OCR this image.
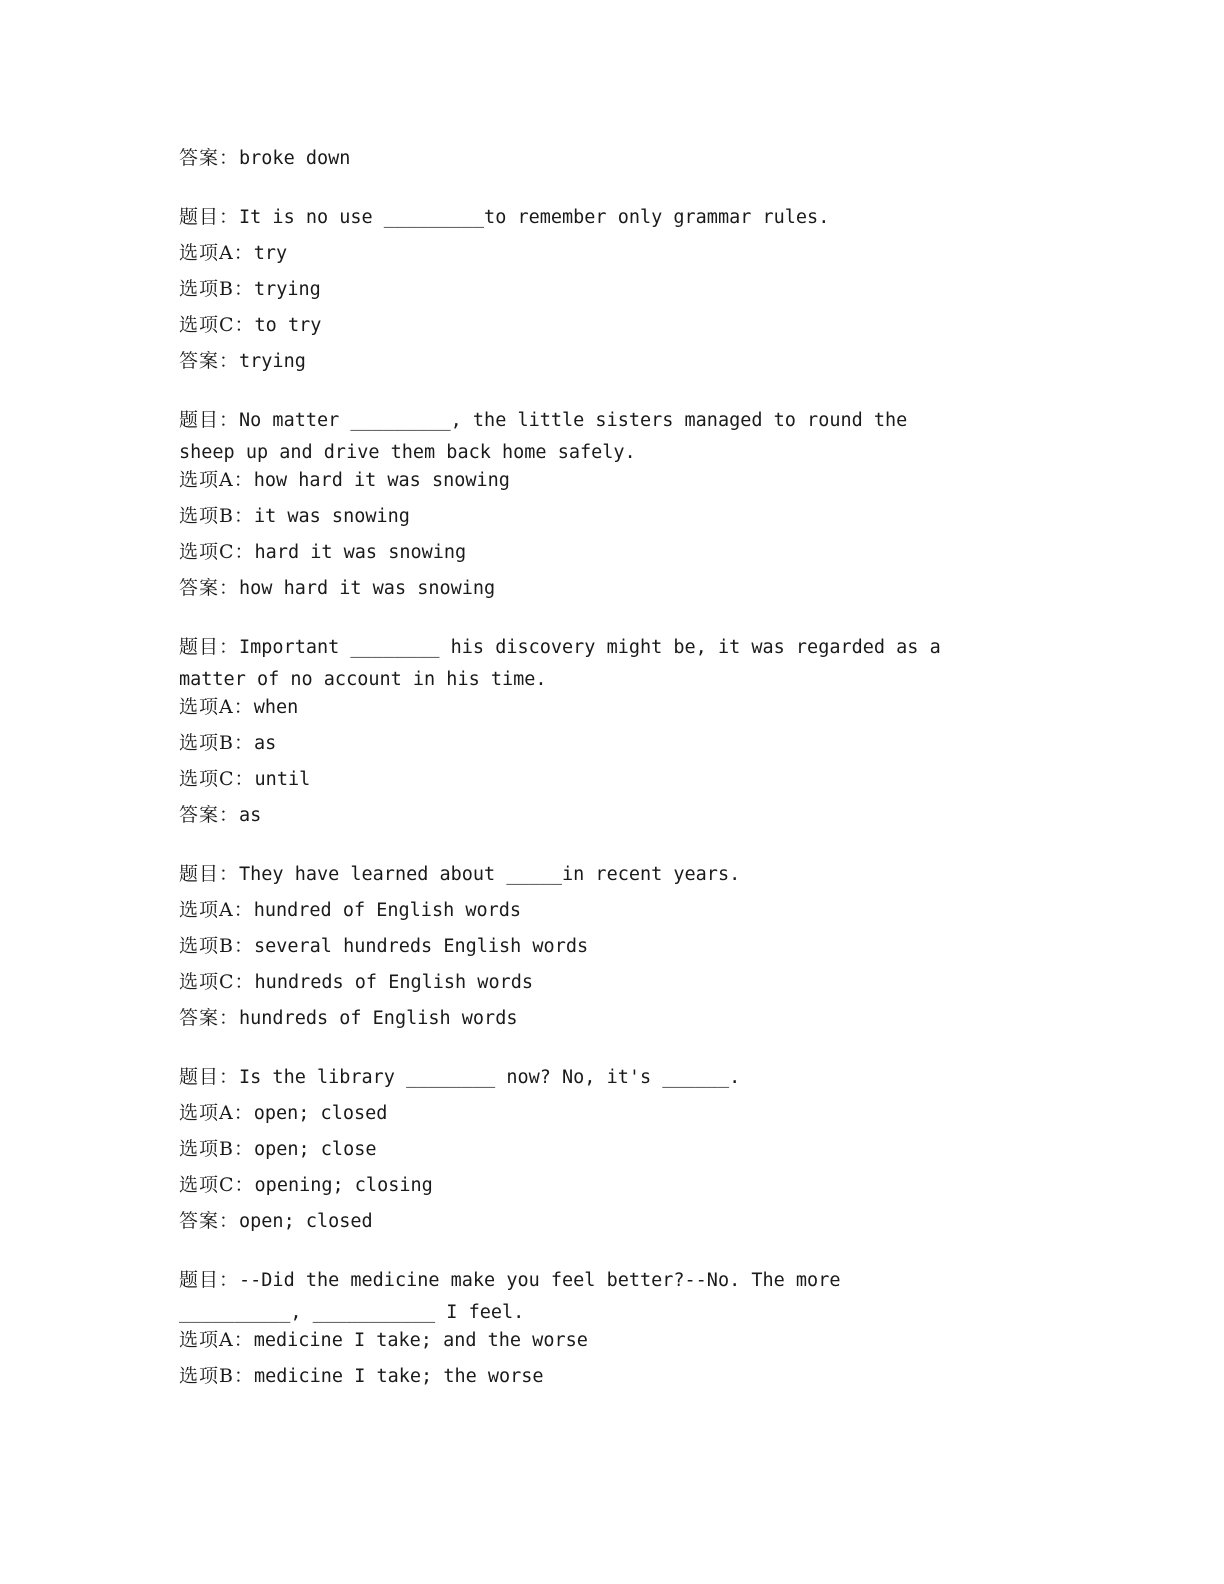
答案：broke down
题目：It is no use _________to remember only grammar rules.
选项A：try
选项B：trying
选项C：to try
答案：trying
题目：No matter _________, the little sisters managed to round the
sheep up and drive them back home safely.
选项A：how hard it was snowing
选项B：it was snowing
选项C：hard it was snowing
答案：how hard it was snowing
题目：Important ________ his discovery might be, it was regarded as a
matter of no account in his time.
选项A：when
选项B：as
选项C：until
答案：as
题目：They have learned about _____in recent years.
选项A：hundred of English words
选项B：several hundreds English words
选项C：hundreds of English words
答案：hundreds of English words
题目：Is the library ________ now? No, it's ______.
选项A：open; closed
选项B：open; close
选项C：opening; closing
答案：open; closed
题目：--Did the medicine make you feel better?--No. The more
__________, ___________ I feel.
选项A：medicine I take; and the worse
选项B：medicine I take; the worse
